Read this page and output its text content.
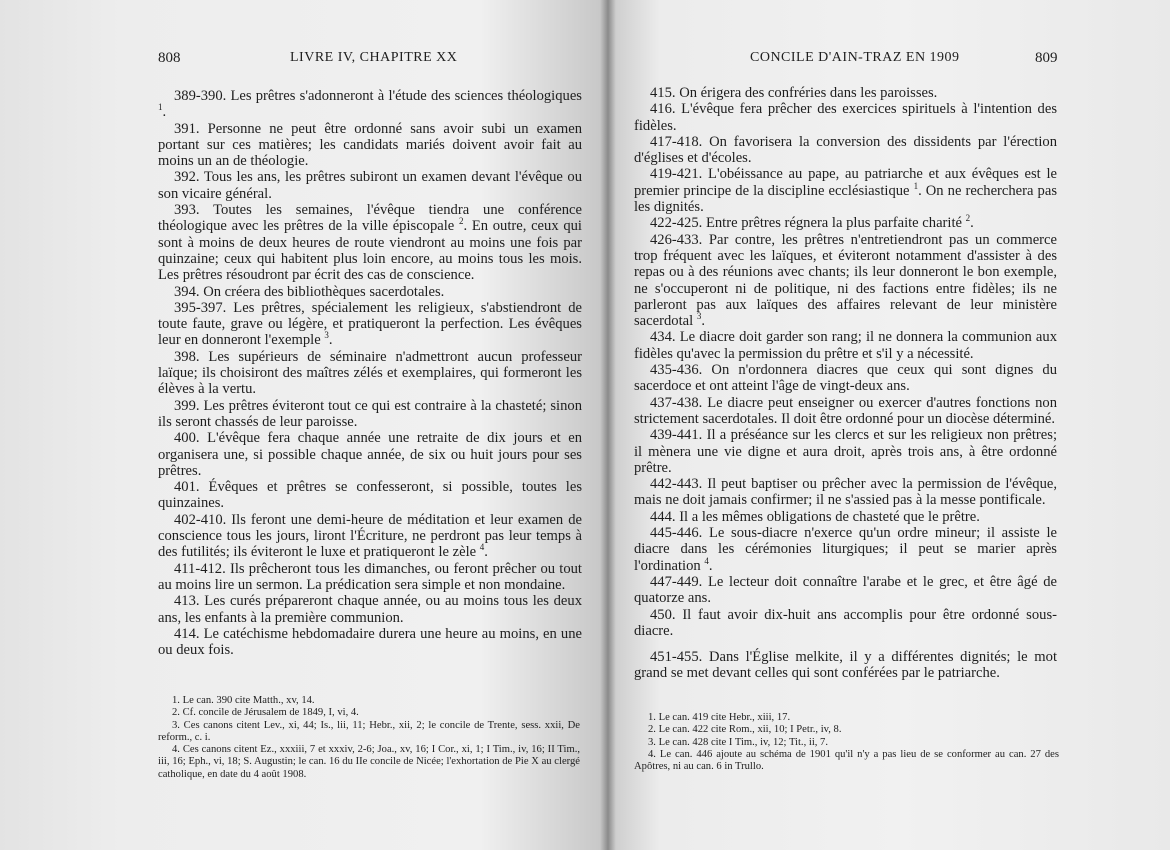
808	LIVRE IV, CHAPITRE XX

389-390. Les prêtres s'adonneront à l'étude des sciences théologiques $^1$.

391. Personne ne peut être ordonné sans avoir subi un examen portant sur ces matières; les candidats mariés doivent avoir fait au moins un an de théologie.

392. Tous les ans, les prêtres subiront un examen devant l'évêque ou son vicaire général.

393. Toutes les semaines, l'évêque tiendra une conférence théologique avec les prêtres de la ville épiscopale $^2$. En outre, ceux qui sont à moins de deux heures de route viendront au moins une fois par quinzaine; ceux qui habitent plus loin encore, au moins tous les mois. Les prêtres résoudront par écrit des cas de conscience.

394. On créera des bibliothèques sacerdotales.

395-397. Les prêtres, spécialement les religieux, s'abstiendront de toute faute, grave ou légère, et pratiqueront la perfection. Les évêques leur en donneront l'exemple $^3$.

398. Les supérieurs de séminaire n'admettront aucun professeur laïque; ils choisiront des maîtres zélés et exemplaires, qui formeront les élèves à la vertu.

399. Les prêtres éviteront tout ce qui est contraire à la chasteté; sinon ils seront chassés de leur paroisse.

400. L'évêque fera chaque année une retraite de dix jours et en organisera une, si possible chaque année, de six ou huit jours pour ses prêtres.

401. Évêques et prêtres se confesseront, si possible, toutes les quinzaines.

402-410. Ils feront une demi-heure de méditation et leur examen de conscience tous les jours, liront l'Écriture, ne perdront pas leur temps à des futilités; ils éviteront le luxe et pratiqueront le zèle $^4$.

411-412. Ils prêcheront tous les dimanches, ou feront prêcher ou tout au moins lire un sermon. La prédication sera simple et non mondaine.

413. Les curés prépareront chaque année, ou au moins tous les deux ans, les enfants à la première communion.

414. Le catéchisme hebdomadaire durera une heure au moins, en une ou deux fois.

1. Le can. 390 cite Matth., xv, 14.

2. Cf. concile de Jérusalem de 1849, I, vi, 4.

3. Ces canons citent Lev., xi, 44; Is., lii, 11; Hebr., xii, 2; le concile de Trente, sess. xxii, De reform., c. i.

4. Ces canons citent Ez., xxxiii, 7 et xxxiv, 2-6; Joa., xv, 16; I Cor., xi, 1; I Tim., iv, 16; II Tim., iii, 16; Eph., vi, 18; S. Augustin; le can. 16 du IIe concile de Nicée; l'exhortation de Pie X au clergé catholique, en date du 4 août 1908.

CONCILE D'AIN-TRAZ EN 1909	809

415. On érigera des confréries dans les paroisses.

416. L'évêque fera prêcher des exercices spirituels à l'intention des fidèles.

417-418. On favorisera la conversion des dissidents par l'érection d'églises et d'écoles.

419-421. L'obéissance au pape, au patriarche et aux évêques est le premier principe de la discipline ecclésiastique $^1$. On ne recherchera pas les dignités.

422-425. Entre prêtres régnera la plus parfaite charité $^2$.

426-433. Par contre, les prêtres n'entretiendront pas un commerce trop fréquent avec les laïques, et éviteront notamment d'assister à des repas ou à des réunions avec chants; ils leur donneront le bon exemple, ne s'occuperont ni de politique, ni des factions entre fidèles; ils ne parleront pas aux laïques des affaires relevant de leur ministère sacerdotal $^3$.

434. Le diacre doit garder son rang; il ne donnera la communion aux fidèles qu'avec la permission du prêtre et s'il y a nécessité.

435-436. On n'ordonnera diacres que ceux qui sont dignes du sacerdoce et ont atteint l'âge de vingt-deux ans.

437-438. Le diacre peut enseigner ou exercer d'autres fonctions non strictement sacerdotales. Il doit être ordonné pour un diocèse déterminé.

439-441. Il a préséance sur les clercs et sur les religieux non prêtres; il mènera une vie digne et aura droit, après trois ans, à être ordonné prêtre.

442-443. Il peut baptiser ou prêcher avec la permission de l'évêque, mais ne doit jamais confirmer; il ne s'assied pas à la messe pontificale.

444. Il a les mêmes obligations de chasteté que le prêtre.

445-446. Le sous-diacre n'exerce qu'un ordre mineur; il assiste le diacre dans les cérémonies liturgiques; il peut se marier après l'ordination $^4$.

447-449. Le lecteur doit connaître l'arabe et le grec, et être âgé de quatorze ans.

450. Il faut avoir dix-huit ans accomplis pour être ordonné sous-diacre.

451-455. Dans l'Église melkite, il y a différentes dignités; le mot grand se met devant celles qui sont conférées par le patriarche.

1. Le can. 419 cite Hebr., xiii, 17.

2. Le can. 422 cite Rom., xii, 10; I Petr., iv, 8.

3. Le can. 428 cite I Tim., iv, 12; Tit., ii, 7.

4. Le can. 446 ajoute au schéma de 1901 qu'il n'y a pas lieu de se conformer au can. 27 des Apôtres, ni au can. 6 in Trullo.
